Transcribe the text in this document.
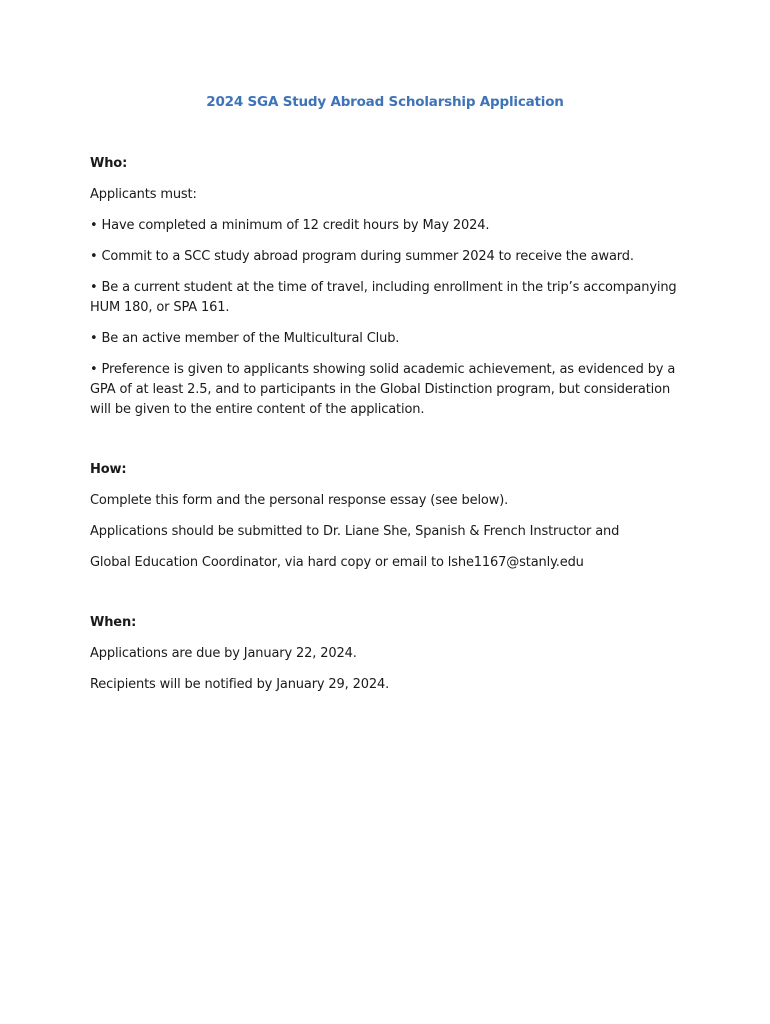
2024 SGA Study Abroad Scholarship Application
Who:
Applicants must:
• Have completed a minimum of 12 credit hours by May 2024.
• Commit to a SCC study abroad program during summer 2024 to receive the award.
• Be a current student at the time of travel, including enrollment in the trip’s accompanying HUM 180, or SPA 161.
• Be an active member of the Multicultural Club.
• Preference is given to applicants showing solid academic achievement, as evidenced by a GPA of at least 2.5, and to participants in the Global Distinction program, but consideration will be given to the entire content of the application.
How:
Complete this form and the personal response essay (see below).
Applications should be submitted to Dr. Liane She, Spanish & French Instructor and
Global Education Coordinator, via hard copy or email to lshe1167@stanly.edu
When:
Applications are due by January 22, 2024.
Recipients will be notified by January 29, 2024.
